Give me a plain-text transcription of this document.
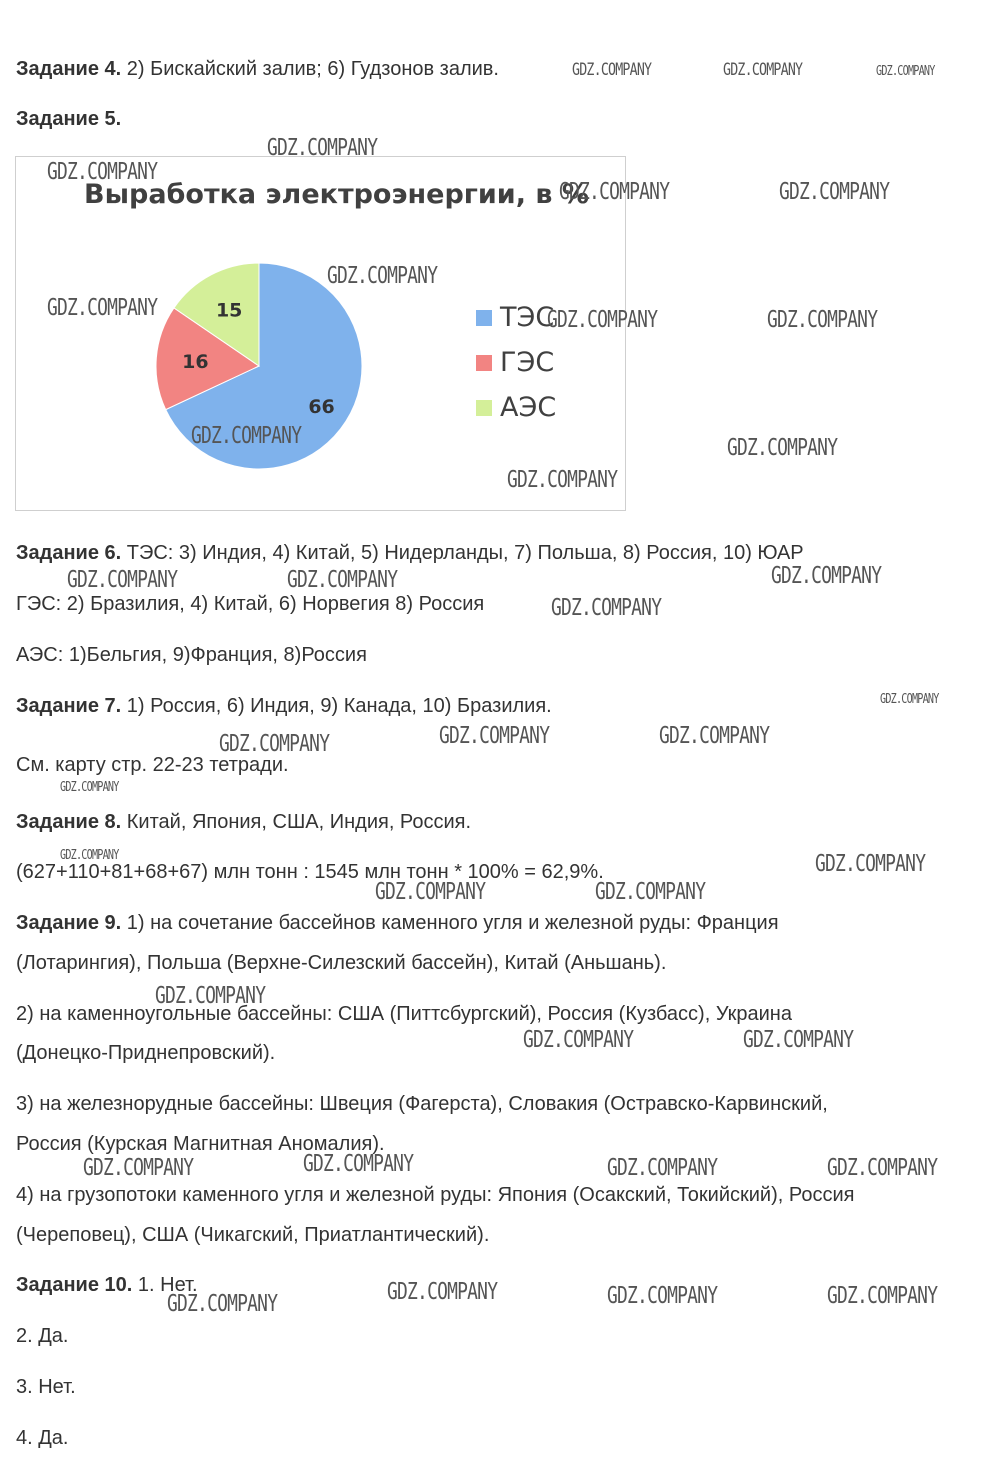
Задание 4. 2) Бискайский залив; 6) Гудзонов залив.
Задание 5.
Выработка электроэнергии, в %
66
16
15	ТЭС
ГЭС
АЭС
Задание 6. ТЭС: 3) Индия, 4) Китай, 5) Нидерланды, 7) Польша, 8) Россия, 10) ЮАР
ГЭС: 2) Бразилия, 4) Китай, 6) Норвегия 8) Россия
АЭС: 1)Бельгия, 9)Франция, 8)Россия
Задание 7. 1) Россия, 6) Индия, 9) Канада, 10) Бразилия.
См. карту стр. 22-23 тетради.
Задание 8. Китай, Япония, США, Индия, Россия.
(627+110+81+68+67) млн тонн : 1545 млн тонн * 100% = 62,9%.
Задание 9. 1) на сочетание бассейнов каменного угля и железной руды: Франция
(Лотарингия), Польша (Верхне-Силезский бассейн), Китай (Аньшань).
2) на каменноугольные бассейны: США (Питтсбургский), Россия (Кузбасс), Украина
(Донецко-Приднепровский).
3) на железнорудные бассейны: Швеция (Фагерста), Словакия (Остравско-Карвинский,
Россия (Курская Магнитная Аномалия).
4) на грузопотоки каменного угля и железной руды: Япония (Осакский, Токийский), Россия
(Череповец), США (Чикагский, Приатлантический).
Задание 10. 1. Нет.
2. Да.
3. Нет.
4. Да.
GDZ.COMPANY	GDZ.COMPANY	GDZ.COMPANY
GDZ.COMPANY
GDZ.COMPANY
GDZ.COMPANY	GDZ.COMPANY
GDZ.COMPANY
GDZ.COMPANY	GDZ.COMPANY	GDZ.COMPANY
GDZ.COMPANY	GDZ.COMPANY
GDZ.COMPANY
GDZ.COMPANY	GDZ.COMPANY	GDZ.COMPANY
GDZ.COMPANY
GDZ.COMPANY
GDZ.COMPANY	GDZ.COMPANY	GDZ.COMPANY
GDZ.COMPANY
GDZ.COMPANY	GDZ.COMPANY
GDZ.COMPANY	GDZ.COMPANY
GDZ.COMPANY
GDZ.COMPANY	GDZ.COMPANY
GDZ.COMPANY	GDZ.COMPANY	GDZ.COMPANY	GDZ.COMPANY
GDZ.COMPANY	GDZ.COMPANY	GDZ.COMPANY	GDZ.COMPANY
